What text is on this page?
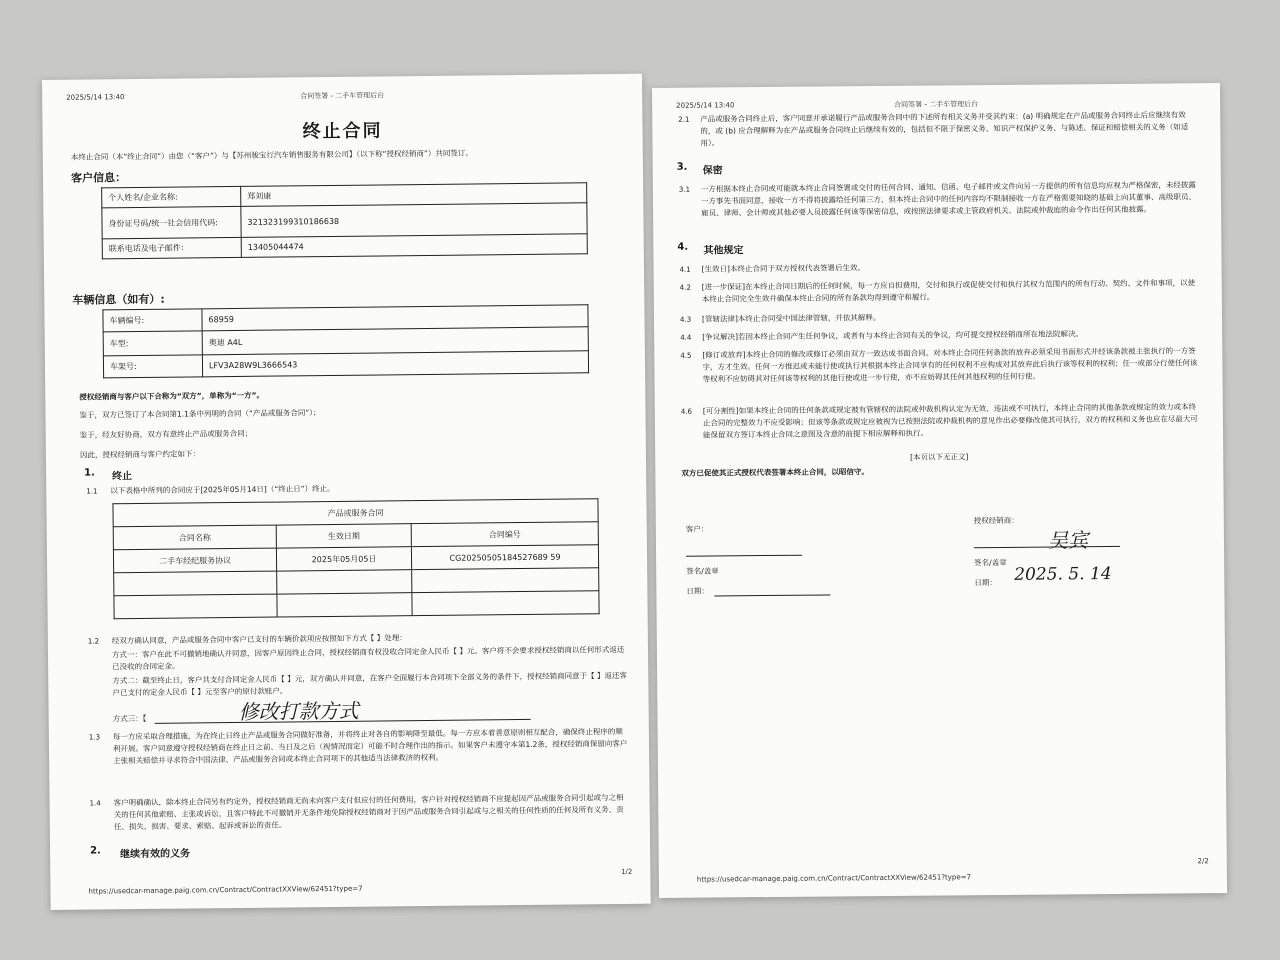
2025/5/14 13:40	合同签署 - 二手车管理后台
终止合同
本终止合同（本“终止合同”）由您（“客户”）与【苏州骏宝行汽车销售服务有限公司】（以下称“授权经销商”）共同签订。
客户信息：
个人姓名/企业名称:	郑刘康
身份证号码/统一社会信用代码:	321323199310186638
联系电话及电子邮件：	13405044474
车辆信息（如有）:
车辆编号:	68959
车型:	奥迪 A4L
车架号:	LFV3A28W9L3666543
授权经销商与客户以下合称为“双方”，单称为“一方”。
鉴于，双方已签订了本合同第1.1条中列明的合同（“产品或服务合同”）；
鉴于，经友好协商，双方有意终止产品或服务合同；
因此，授权经销商与客户约定如下：
1. 终止
1.1 以下表格中所列的合同应于[2025年05月14日]（“终止日”）终止。
产品或服务合同		
合同名称	生效日期	合同编号
二手车经纪服务协议	2025年05月05日	CG20250505184527689 59

1.2 经双方确认同意，产品或服务合同中客户已支付的车辆价款项应按照如下方式【 】处理：
方式一：客户在此不可撤销地确认并同意，因客户原因终止合同，授权经销商有权没收合同定金人民币【 】元。客户将不会要求授权经销商以任何形式返还已没收的合同定金。
方式二：截至终止日，客户共支付合同定金人民币【 】元，双方确认并同意，在客户全面履行本合同项下全部义务的条件下，授权经销商同意于【 】返还客户已支付的定金人民币【 】元至客户的原付款账户。
方式三：【	修改打款方式
1.3 每一方应采取合理措施，为在终止日终止产品或服务合同做好准备，并将终止对各自的影响降至最低。每一方应本着善意原则相互配合，确保终止程序的顺利开展。客户同意遵守授权经销商在终止日之前、当日及之后（视情况而定）可能不时合理作出的指示。如果客户未遵守本第1.2条，授权经销商保留向客户主张相关赔偿并寻求符合中国法律、产品或服务合同或本终止合同项下的其他适当法律救济的权利。
1.4 客户明确确认，除本终止合同另有约定外，授权经销商无尚未向客户支付但应付的任何费用，客户针对授权经销商不应提起因产品或服务合同引起或与之相关的任何其他索赔、主张或诉讼，且客户特此不可撤销并无条件地免除授权经销商对于因产品或服务合同引起或与之相关的任何性质的任何及所有义务、责任、损失、损害、要求、索赔、起诉或诉讼的责任。
2. 继续有效的义务
https://usedcar-manage.paig.com.cn/Contract/ContractXXView/62451?type=7
1/2
2025/5/14 13:40	合同签署 - 二手车管理后台
2.1 产品或服务合同终止后，客户同意并承诺履行产品或服务合同中的下述所有相关义务并受其约束：(a) 明确规定在产品或服务合同终止后应继续有效的，或 (b) 应合理解释为在产品或服务合同终止后继续有效的，包括但不限于保密义务、知识产权保护义务、与陈述、保证和赔偿相关的义务（如适用）。
3. 保密
3.1 一方根据本终止合同或可能就本终止合同签署或交付的任何合同、通知、信函、电子邮件或文件向另一方提供的所有信息均应视为严格保密，未经披露一方事先书面同意，接收一方不得将披露给任何第三方，但本终止合同中的任何内容均不限制接收一方在严格需要知晓的基础上向其董事、高级职员、雇员、律师、会计师或其他必要人员披露任何该等保密信息，或按照法律要求或主管政府机关、法院或仲裁庭的命令作出任何其他披露。
4. 其他规定
4.1 [生效日]本终止合同于双方授权代表签署后生效。
4.2 [进一步保证]在本终止合同日期后的任何时候，每一方应自担费用，交付和执行或促使交付和执行其权力范围内的所有行动、契约、文件和事项，以使本终止合同完全生效并确保本终止合同的所有条款均得到遵守和履行。
4.3 [管辖法律]本终止合同受中国法律管辖，并依其解释。
4.4 [争议解决]若因本终止合同产生任何争议，或者有与本终止合同有关的争议，均可提交授权经销商所在地法院解决。
4.5 [修订或放弃]本终止合同的修改或修订必须由双方一致达成书面合同。对本终止合同任何条款的放弃必须采用书面形式并经该条款被主张执行的一方签字，方才生效。任何一方推迟或未能行使或执行其根据本终止合同享有的任何权利不应构成对其放弃此后执行该等权利的权利；任一或部分行使任何该等权利不应妨碍其对任何该等权利的其他行使或进一步行使，亦不应妨碍其任何其他权利的任何行使。
4.6 [可分割性]如果本终止合同的任何条款或规定被有管辖权的法院或仲裁机构认定为无效、违法或不可执行，本终止合同的其他条款或规定的效力或本终止合同的完整效力不应受影响；但该等条款或规定应被视为已按照法院或仲裁机构的意见作出必要修改使其可执行，双方的权利和义务也应在尽最大可能保留双方签订本终止合同之意图及含意的前提下相应解释和执行。
[本页以下无正文]
双方已促使其正式授权代表签署本终止合同，以昭信守。
客户：
签名/盖章
日期：
授权经销商：
吴宾
签名/盖章
日期： 2025. 5. 14
https://usedcar-manage.paig.com.cn/Contract/ContractXXView/62451?type=7
2/2
